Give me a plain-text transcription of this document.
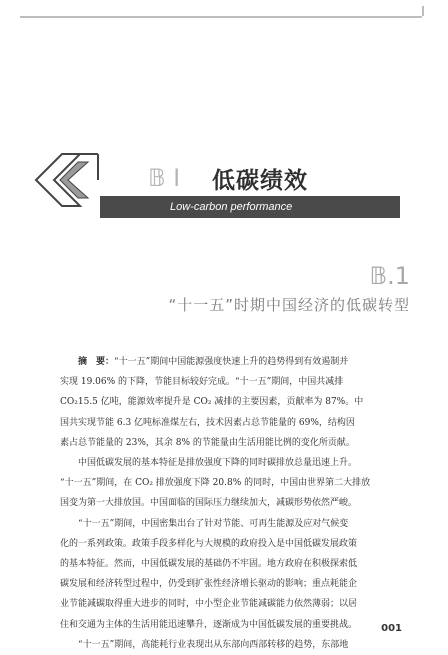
𝔹 I 低碳绩效
Low-carbon performance
𝔹.1
“十一五”时期中国经济的低碳转型

摘　要：“十一五”期间中国能源强度快速上升的趋势得到有效遏制并
实现 19.06% 的下降，节能目标较好完成。“十一五”期间，中国共减排
CO₂15.5 亿吨，能源效率提升是 CO₂ 减排的主要因素，贡献率为 87%。中
国共实现节能 6.3 亿吨标准煤左右，技术因素占总节能量的 69%，结构因
素占总节能量的 23%，其余 8% 的节能量由生活用能比例的变化所贡献。

中国低碳发展的基本特征是排放强度下降的同时碳排放总量迅速上升。
“十一五”期间，在 CO₂ 排放强度下降 20.8% 的同时，中国由世界第二大排放
国变为第一大排放国。中国面临的国际压力继续加大，减碳形势依然严峻。

“十一五”期间，中国密集出台了针对节能、可再生能源及应对气候变
化的一系列政策。政策手段多样化与大规模的政府投入是中国低碳发展政策
的基本特征。然而，中国低碳发展的基础仍不牢固。地方政府在积极探索低
碳发展和经济转型过程中，仍受到扩张性经济增长驱动的影响；重点耗能企
业节能减碳取得重大进步的同时，中小型企业节能减碳能力依然薄弱；以居
住和交通为主体的生活用能迅速攀升，逐渐成为中国低碳发展的重要挑战。

“十一五”期间，高能耗行业表现出从东部向西部转移的趋势，东部地

001
